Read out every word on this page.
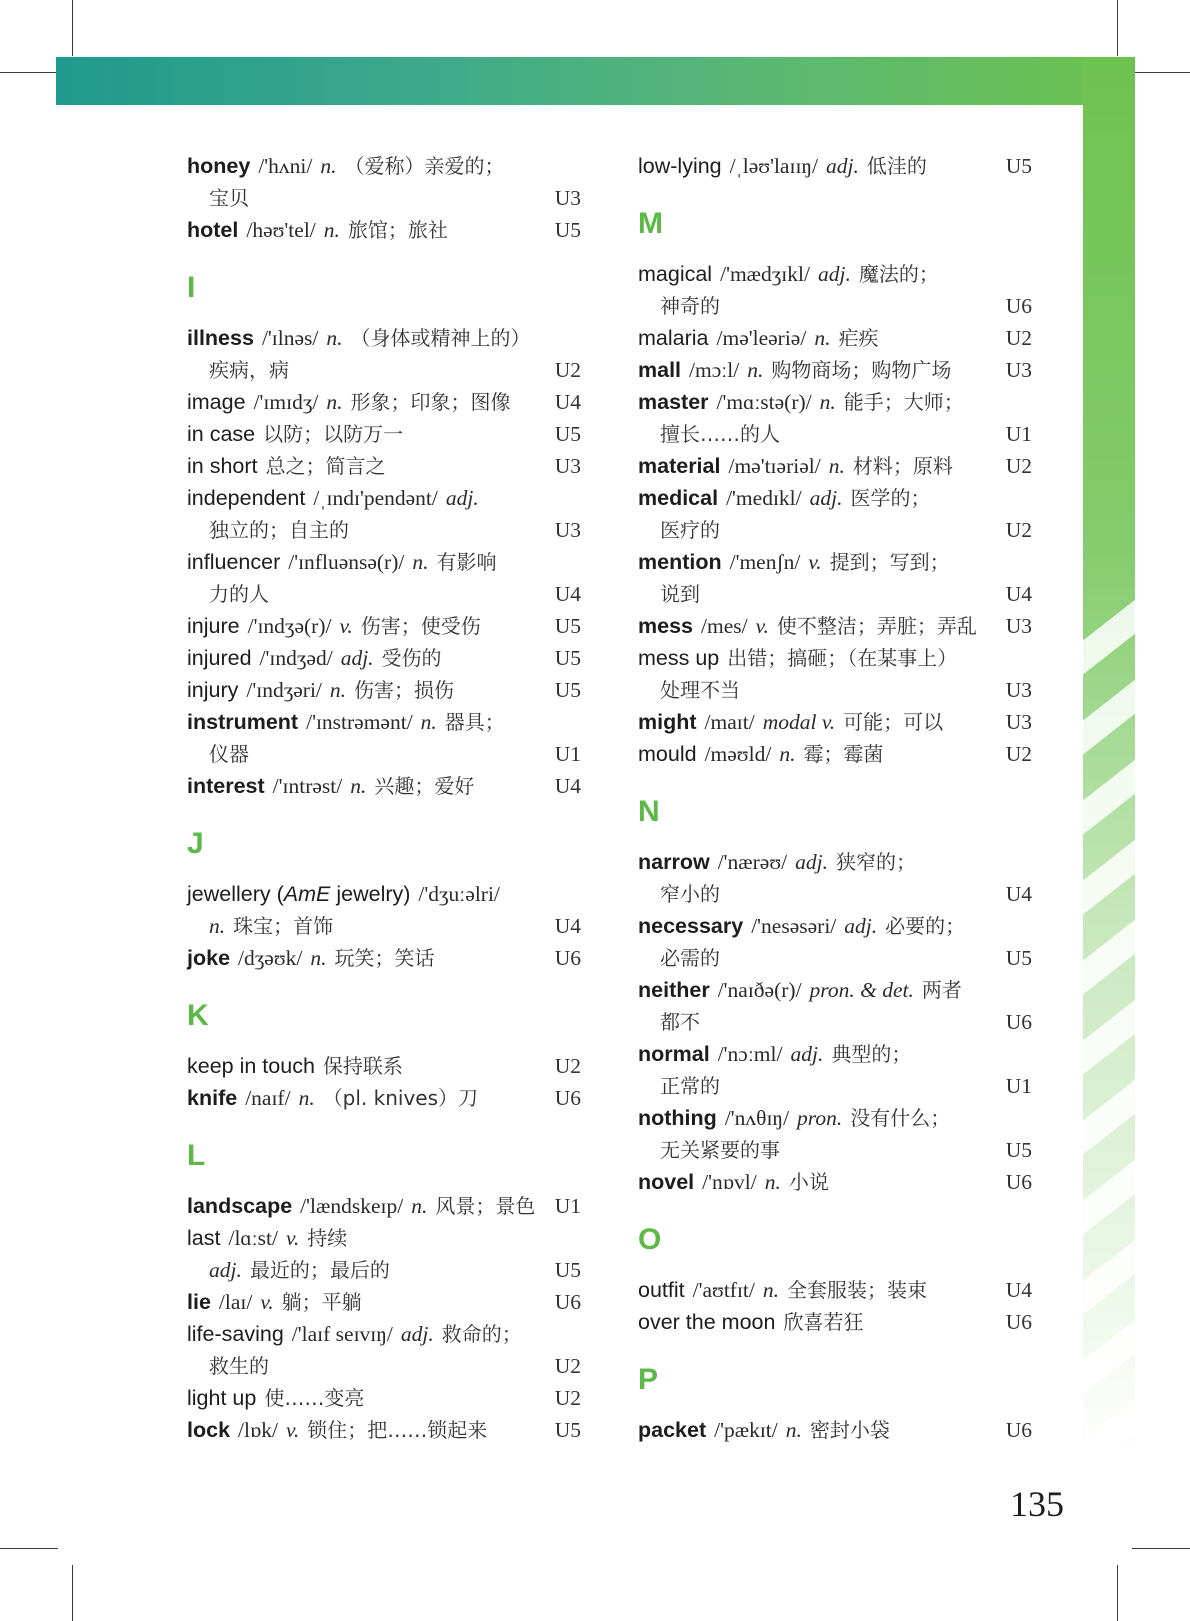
honey /'hʌni/ n. （爱称）亲爱的；
宝贝	U3
hotel /həʊ'tel/ n. 旅馆；旅社	U5
I
illness /'ɪlnəs/ n. （身体或精神上的）
疾病，病	U2
image /'ɪmɪdʒ/ n. 形象；印象；图像 U4
in case 以防；以防万一	U5
in short 总之；简言之	U3
independent /ˌɪndɪ'pendənt/ adj.
独立的；自主的	U3
influencer /'ɪnfluənsə(r)/ n. 有影响
力的人	U4
injure /'ɪndʒə(r)/ v. 伤害；使受伤	U5
injured /'ɪndʒəd/ adj. 受伤的	U5
injury /'ɪndʒəri/ n. 伤害；损伤	U5
instrument /'ɪnstrəmənt/ n. 器具；
仪器	U1
interest /'ɪntrəst/ n. 兴趣；爱好	U4
J
jewellery (AmE jewelry) /'dʒuːəlri/
n. 珠宝；首饰	U4
joke /dʒəʊk/ n. 玩笑；笑话	U6
K
keep in touch 保持联系	U2
knife /naɪf/ n. （pl. knives）刀	U6
L
landscape /'lændskeɪp/ n. 风景；景色 U1
last /lɑːst/ v. 持续
adj. 最近的；最后的	U5
lie /laɪ/ v. 躺；平躺	U6
life-saving /'laɪf seɪvɪŋ/ adj. 救命的；
救生的	U2
light up 使……变亮	U2
lock /lɒk/ v. 锁住；把……锁起来	U5
low-lying /ˌləʊ'laɪɪŋ/ adj. 低洼的	U5
M
magical /'mædʒɪkl/ adj. 魔法的；
神奇的	U6
malaria /mə'leəriə/ n. 疟疾	U2
mall /mɔːl/ n. 购物商场；购物广场	U3
master /'mɑːstə(r)/ n. 能手；大师；
擅长……的人	U1
material /mə'tɪəriəl/ n. 材料；原料 U2
medical /'medɪkl/ adj. 医学的；
医疗的	U2
mention /'menʃn/ v. 提到；写到；
说到	U4
mess /mes/ v. 使不整洁；弄脏；弄乱 U3
mess up 出错；搞砸；（在某事上）
处理不当	U3
might /maɪt/ modal v. 可能；可以	U3
mould /məʊld/ n. 霉；霉菌	U2
N
narrow /'nærəʊ/ adj. 狭窄的；
窄小的	U4
necessary /'nesəsəri/ adj. 必要的；
必需的	U5
neither /'naɪðə(r)/ pron. & det. 两者
都不	U6
normal /'nɔːml/ adj. 典型的；
正常的	U1
nothing /'nʌθɪŋ/ pron. 没有什么；
无关紧要的事	U5
novel /'nɒvl/ n. 小说	U6
O
outfit /'aʊtfɪt/ n. 全套服装；装束	U4
over the moon 欣喜若狂	U6
P
packet /'pækɪt/ n. 密封小袋	U6
135
